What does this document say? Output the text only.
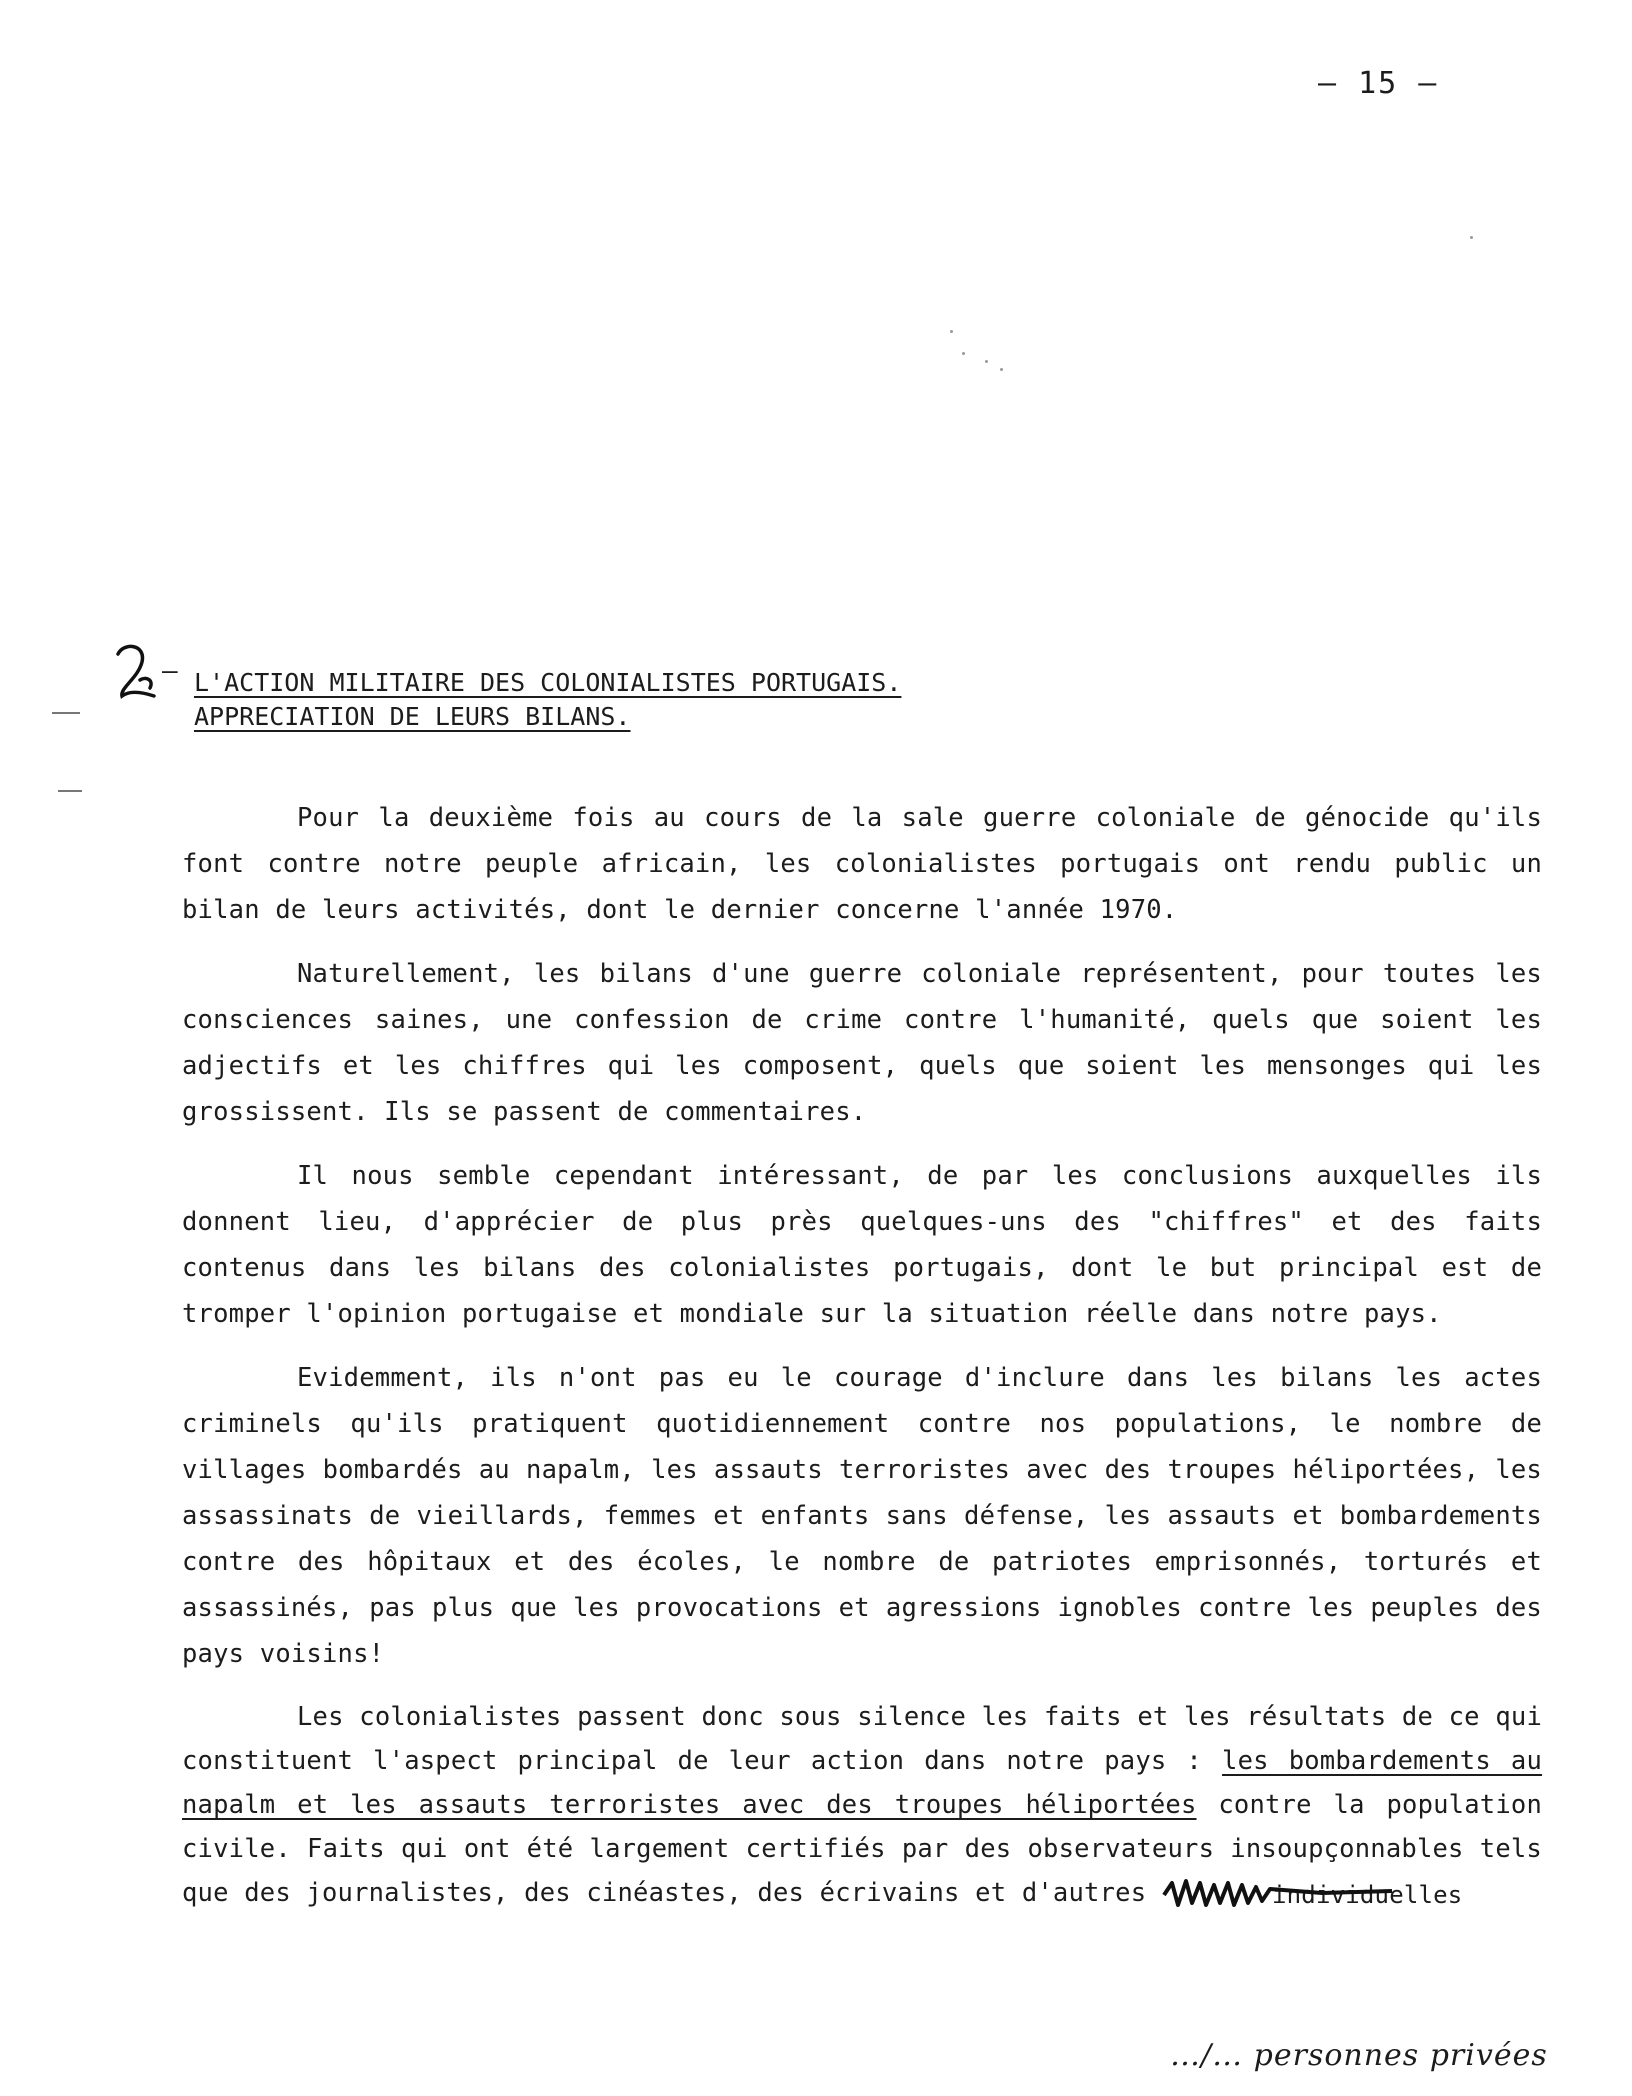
— 15 —
– L'ACTION MILITAIRE DES COLONIALISTES PORTUGAIS.
APPRECIATION DE LEURS BILANS.

Pour la deuxième fois au cours de la sale guerre coloniale de génocide qu'ils font contre notre peuple africain, les colonialistes portugais ont rendu public un bilan de leurs activités, dont le dernier concerne l'année 1970.

Naturellement, les bilans d'une guerre coloniale représentent, pour toutes les consciences saines, une confession de crime contre l'humanité, quels que soient les adjectifs et les chiffres qui les composent, quels que soient les mensonges qui les grossissent. Ils se passent de commentaires.

Il nous semble cependant intéressant, de par les conclusions auxquelles ils donnent lieu, d'apprécier de plus près quelques-uns des "chiffres" et des faits contenus dans les bilans des colonialistes portugais, dont le but principal est de tromper l'opinion portugaise et mondiale sur la situation réelle dans notre pays.

Evidemment, ils n'ont pas eu le courage d'inclure dans les bilans les actes criminels qu'ils pratiquent quotidiennement contre nos populations, le nombre de villages bombardés au napalm, les assauts terroristes avec des troupes héliportées, les assassinats de vieillards, femmes et enfants sans défense, les assauts et bombardements contre des hôpitaux et des écoles, le nombre de patriotes emprisonnés, torturés et assassinés, pas plus que les provocations et agressions ignobles contre les peuples des pays voisins!

Les colonialistes passent donc sous silence les faits et les résultats de ce qui constituent l'aspect principal de leur action dans notre pays : les bombardements au napalm et les assauts terroristes avec des troupes héliportées contre la population civile. Faits qui ont été largement certifiés par des observateurs insoupçonnables tels que des journalistes, des cinéastes, des écrivains et d'autres	individuelles

…/… personnes privées
